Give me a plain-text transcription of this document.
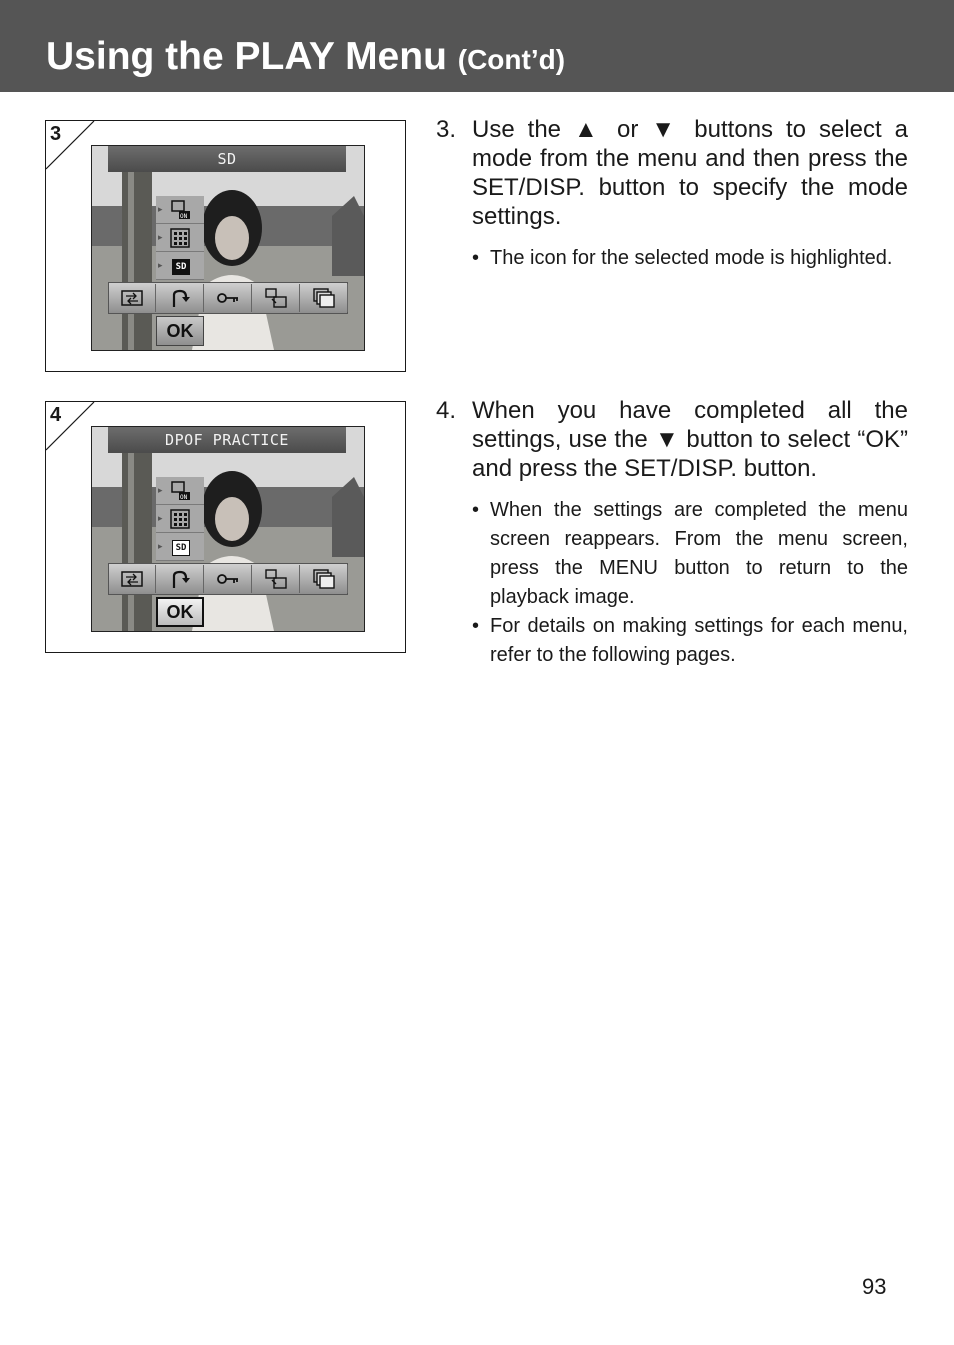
Using the PLAY Menu (Cont’d)
3
SD
▸
ON
▸
▸	SD
OK
4
DPOF PRACTICE
▸
ON
▸
▸	SD
OK
3. Use the ▲ or ▼ buttons to select a mode from the menu and then press the SET/DISP. button to specify the mode settings.
• The icon for the selected mode is highlighted.
4. When you have completed all the settings, use the ▼ button to select “OK” and press the SET/DISP. button.
• When the settings are completed the menu screen reappears. From the menu screen, press the MENU button to return to the playback image.
• For details on making settings for each menu, refer to the following pages.
93
